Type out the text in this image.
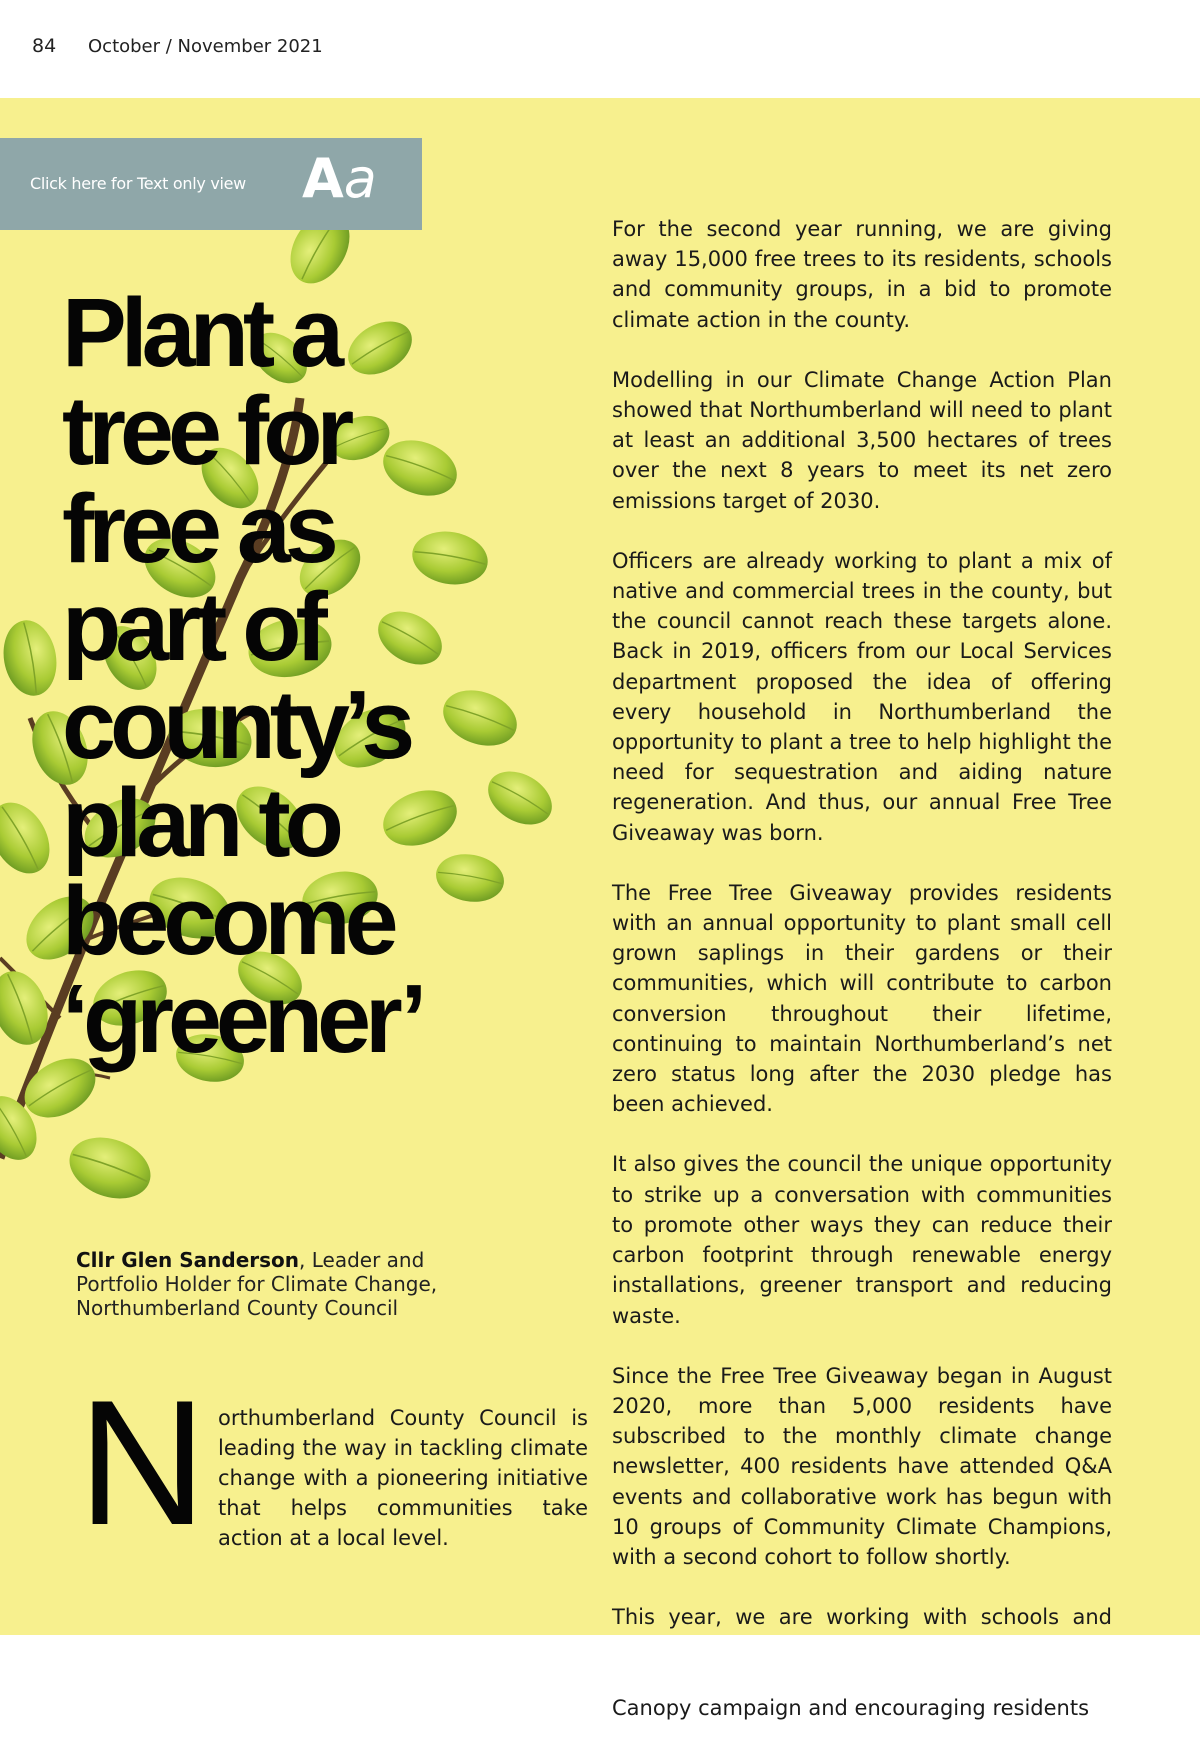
84 October / November 2021
Click here for Text only view Aa
Plant a
tree for
free as
part of
county’s
plan to
become
‘greener’
Cllr Glen Sanderson, Leader and
Portfolio Holder for Climate Change,
Northumberland County Council
N orthumberland County Council is leading the way in tackling climate change with a pioneering initiative that helps communities take action at a local level.

For the second year running, we are giving away 15,000 free trees to its residents, schools and community groups, in a bid to promote climate action in the county.

Modelling in our Climate Change Action Plan showed that Northumberland will need to plant at least an additional 3,500 hectares of trees over the next 8 years to meet its net zero emissions target of 2030.

Officers are already working to plant a mix of native and commercial trees in the county, but the council cannot reach these targets alone. Back in 2019, officers from our Local Services department proposed the idea of offering every household in Northumberland the opportunity to plant a tree to help highlight the need for sequestration and aiding nature regeneration. And thus, our annual Free Tree Giveaway was born.

The Free Tree Giveaway provides residents with an annual opportunity to plant small cell grown saplings in their gardens or their communities, which will contribute to carbon conversion throughout their lifetime, continuing to maintain Northumberland’s net zero status long after the 2030 pledge has been achieved.

It also gives the council the unique opportunity to strike up a conversation with communities to promote other ways they can reduce their carbon footprint through renewable energy installations, greener transport and reducing waste.

Since the Free Tree Giveaway began in August 2020, more than 5,000 residents have subscribed to the monthly climate change newsletter, 400 residents have attended Q&A events and collaborative work has begun with 10 groups of Community Climate Champions, with a second cohort to follow shortly.

This year, we are working with schools and Canopy campaign and encouraging residents
